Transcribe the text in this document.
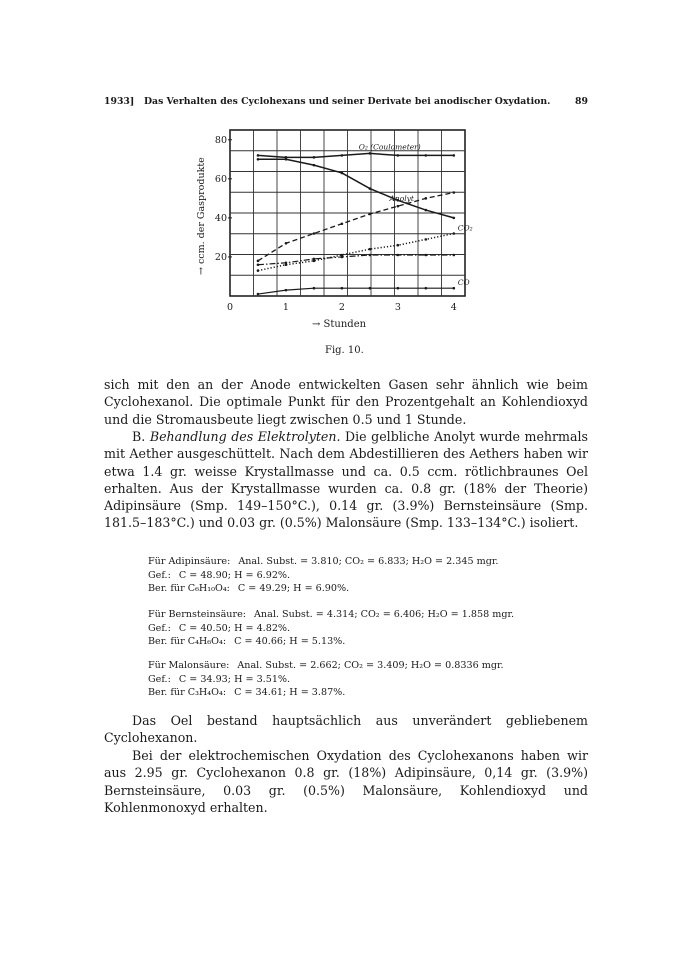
1933] Das Verhalten des Cyclohexans und seiner Derivate bei anodischer Oxydation.	89
0	1	2	3	4
20
40
60
80
O₂ (Coulometer)
Anolyt
CO₂
CO
→ ccm. der Gasprodukte
→ Stunden
Fig. 10.

sich mit den an der Anode entwickelten Gasen sehr ähnlich wie beim Cyclohexanol. Die optimale Punkt für den Prozentgehalt an Kohlendioxyd und die Stromausbeute liegt zwischen 0.5 und 1 Stunde.

B. Behandlung des Elektrolyten. Die gelbliche Anolyt wurde mehrmals mit Aether ausgeschüttelt. Nach dem Abdestillieren des Aethers haben wir etwa 1.4 gr. weisse Krystallmasse und ca. 0.5 ccm. rötlichbraunes Oel erhalten. Aus der Krystallmasse wurden ca. 0.8 gr. (18% der Theorie) Adipinsäure (Smp. 149–150°C.), 0.14 gr. (3.9%) Bernsteinsäure (Smp. 181.5–183°C.) und 0.03 gr. (0.5%) Malonsäure (Smp. 133–134°C.) isoliert.

Für Adipinsäure: Anal. Subst. = 3.810; CO₂ = 6.833; H₂O = 2.345 mgr.
Gef.: C = 48.90; H = 6.92%.
Ber. für C₆H₁₀O₄: C = 49.29; H = 6.90%.
Für Bernsteinsäure: Anal. Subst. = 4.314; CO₂ = 6.406; H₂O = 1.858 mgr.
Gef.: C = 40.50; H = 4.82%.
Ber. für C₄H₆O₄: C = 40.66; H = 5.13%.
Für Malonsäure: Anal. Subst. = 2.662; CO₂ = 3.409; H₂O = 0.8336 mgr.
Gef.: C = 34.93; H = 3.51%.
Ber. für C₃H₄O₄: C = 34.61; H = 3.87%.

Das Oel bestand hauptsächlich aus unverändert gebliebenem Cyclohexanon.

Bei der elektrochemischen Oxydation des Cyclohexanons haben wir aus 2.95 gr. Cyclohexanon 0.8 gr. (18%) Adipinsäure, 0,14 gr. (3.9%) Bernsteinsäure, 0.03 gr. (0.5%) Malonsäure, Kohlendioxyd und Kohlenmonoxyd erhalten.
